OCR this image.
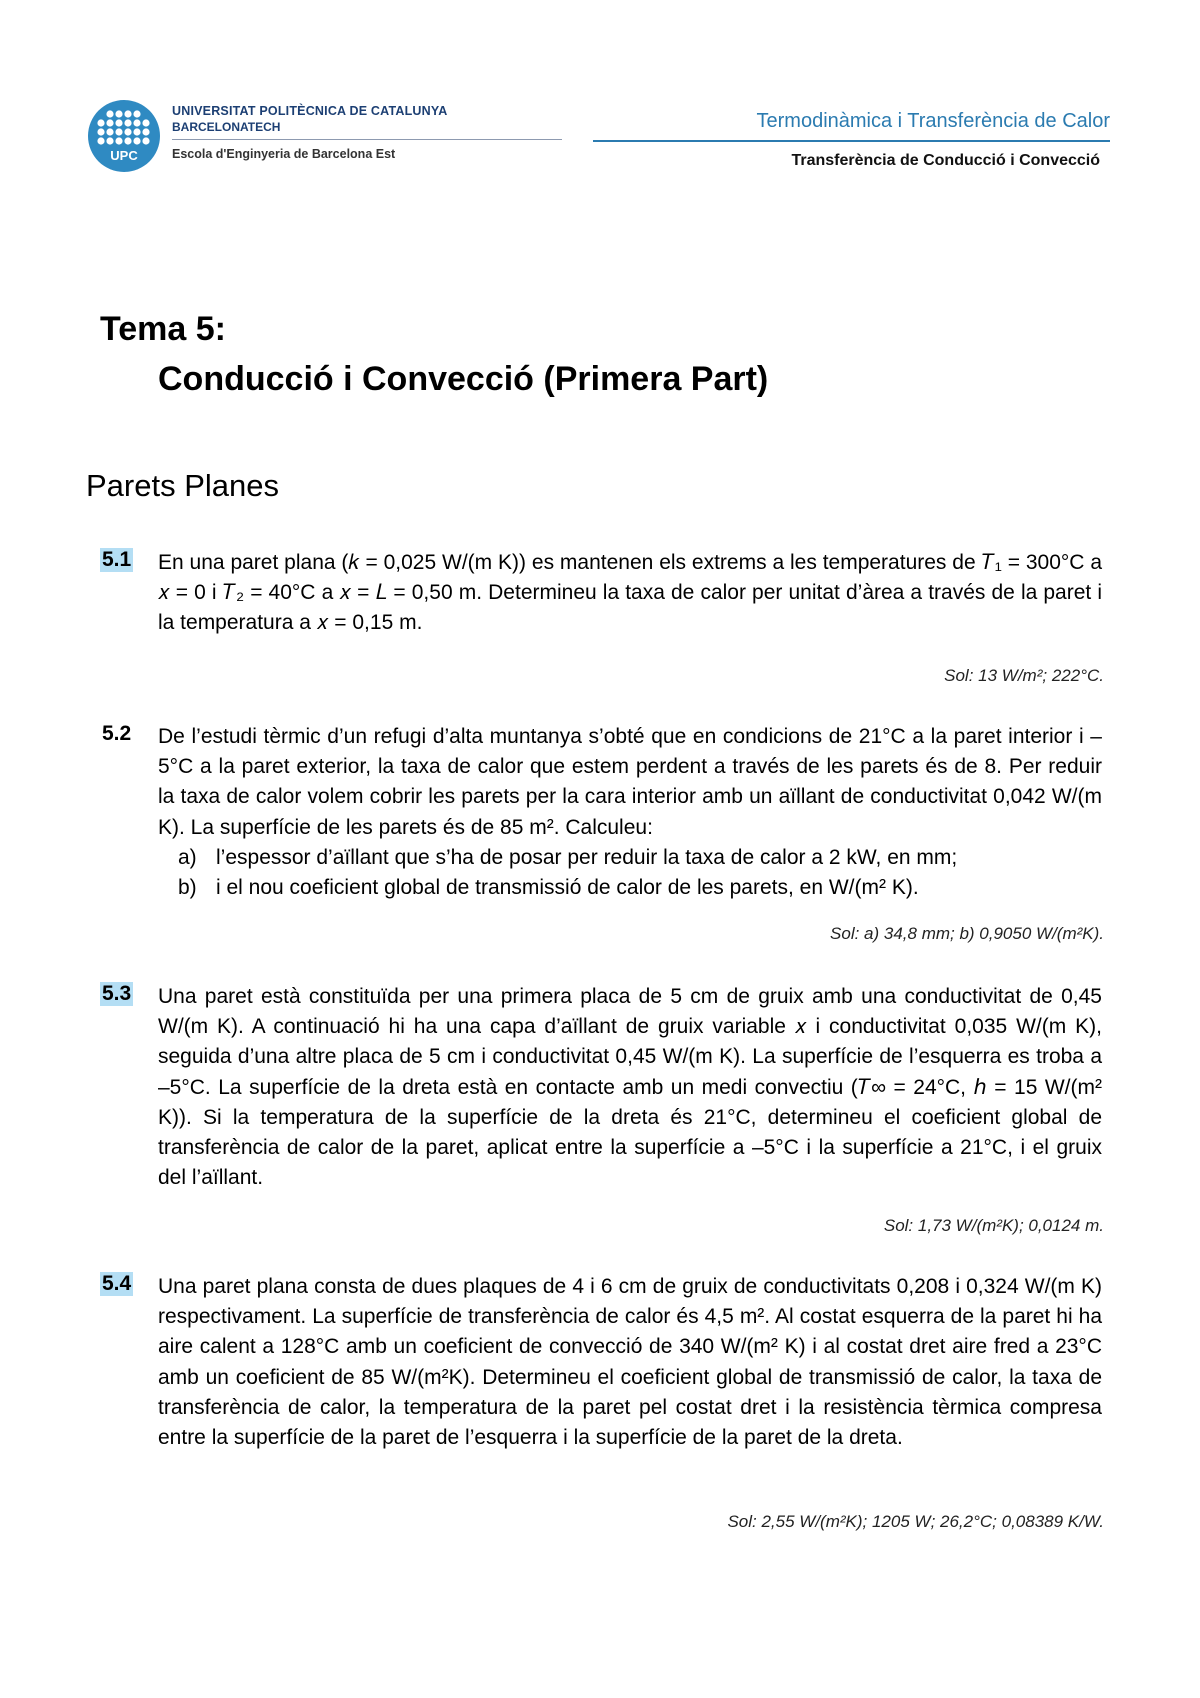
UPC
UNIVERSITAT POLITÈCNICA DE CATALUNYA
BARCELONATECH
Escola d'Enginyeria de Barcelona Est
Termodinàmica i Transferència de Calor
Transferència de Conducció i Convecció
Tema 5:
Conducció i Convecció (Primera Part)
Parets Planes
5.1 En una paret plana (𝑘 = 0,025 W/(m K)) es mantenen els extrems a les temperatures de 𝑇₁ = 300°C a 𝑥 = 0 i 𝑇₂ = 40°C a 𝑥 = 𝐿 = 0,50 m. Determineu la taxa de calor per unitat d’àrea a través de la paret i la temperatura a 𝑥 = 0,15 m.

Sol: 13 W/m²; 222°C.
5.2 De l’estudi tèrmic d’un refugi d’alta muntanya s’obté que en condicions de 21°C a la paret interior i –5°C a la paret exterior, la taxa de calor que estem perdent a través de les parets és de 8. Per reduir la taxa de calor volem cobrir les parets per la cara interior amb un aïllant de conductivitat 0,042 W/(m K). La superfície de les parets és de 85 m². Calculeu:

a) l’espessor d’aïllant que s’ha de posar per reduir la taxa de calor a 2 kW, en mm;
b) i el nou coeficient global de transmissió de calor de les parets, en W/(m² K).
Sol: a) 34,8 mm; b) 0,9050 W/(m²K).
5.3 Una paret està constituïda per una primera placa de 5 cm de gruix amb una conductivitat de 0,45 W/(m K). A continuació hi ha una capa d’aïllant de gruix variable 𝑥 i conductivitat 0,035 W/(m K), seguida d’una altre placa de 5 cm i conductivitat 0,45 W/(m K). La superfície de l’esquerra es troba a –5°C. La superfície de la dreta està en contacte amb un medi convectiu (𝑇∞ = 24°C, ℎ = 15 W/(m² K)). Si la temperatura de la superfície de la dreta és 21°C, determineu el coeficient global de transferència de calor de la paret, aplicat entre la superfície a –5°C i la superfície a 21°C, i el gruix del l’aïllant.

Sol: 1,73 W/(m²K); 0,0124 m.
5.4 Una paret plana consta de dues plaques de 4 i 6 cm de gruix de conductivitats 0,208 i 0,324 W/(m K) respectivament. La superfície de transferència de calor és 4,5 m². Al costat esquerra de la paret hi ha aire calent a 128°C amb un coeficient de convecció de 340 W/(m² K) i al costat dret aire fred a 23°C amb un coeficient de 85 W/(m²K). Determineu el coeficient global de transmissió de calor, la taxa de transferència de calor, la temperatura de la paret pel costat dret i la resistència tèrmica compresa entre la superfície de la paret de l’esquerra i la superfície de la paret de la dreta.

Sol: 2,55 W/(m²K); 1205 W; 26,2°C; 0,08389 K/W.
